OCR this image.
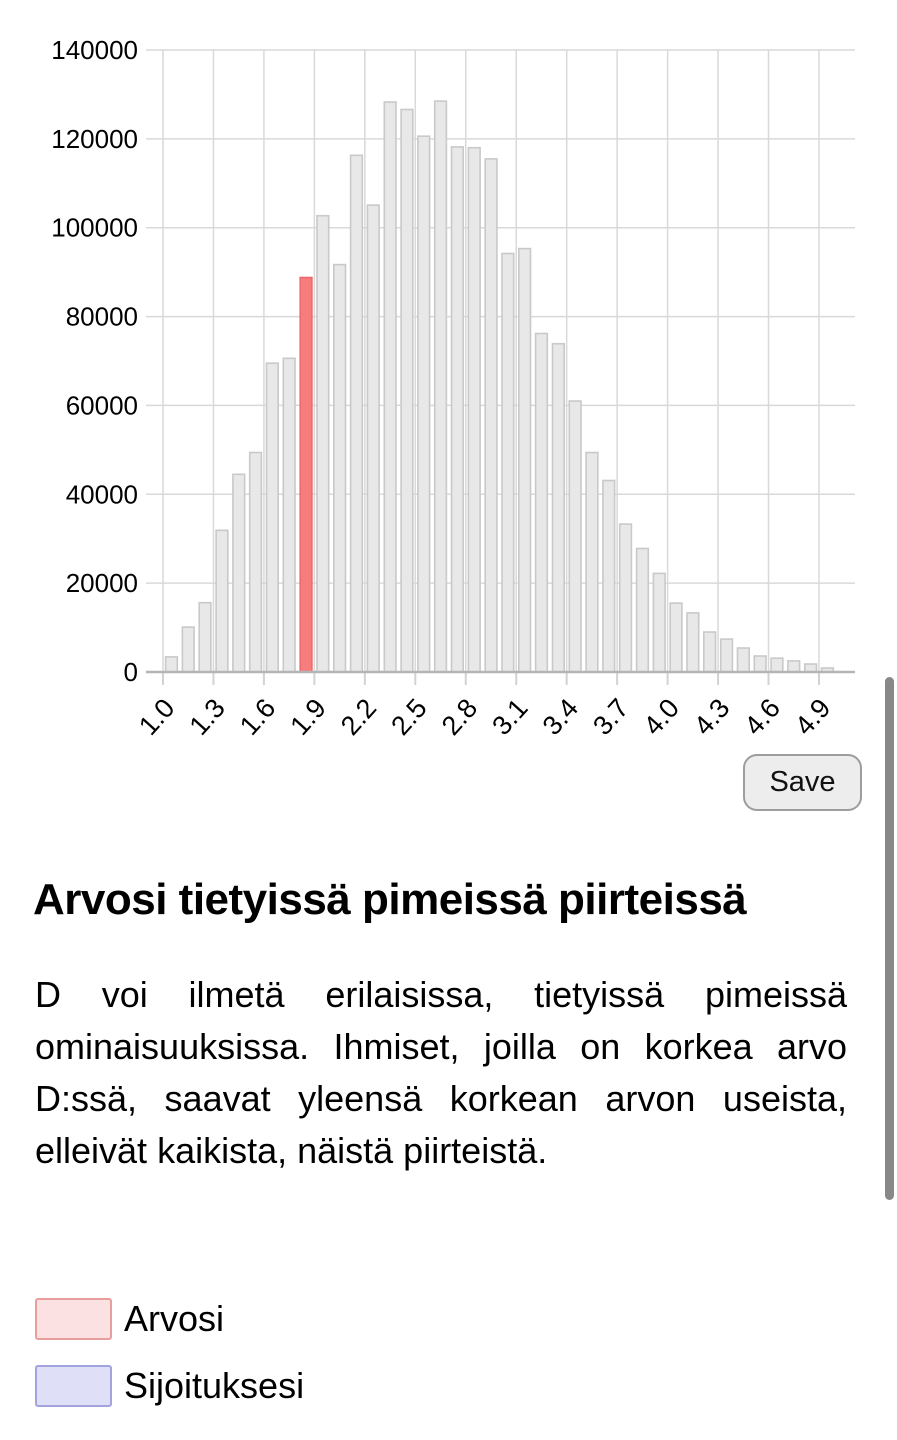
0
20000
40000
60000
80000
100000
120000
140000
1.0 1.3 1.6 1.9 2.2 2.5 2.8 3.1 3.4 3.7 4.0 4.3 4.6 4.9
Save
Arvosi tietyissä pimeissä piirteissä

D voi ilmetä erilaisissa, tietyissä pimeissä ominaisuuksissa. Ihmiset, joilla on korkea arvo D:ssä, saavat yleensä korkean arvon useista, elleivät kaikista, näistä piirteistä.

Arvosi
Sijoituksesi
